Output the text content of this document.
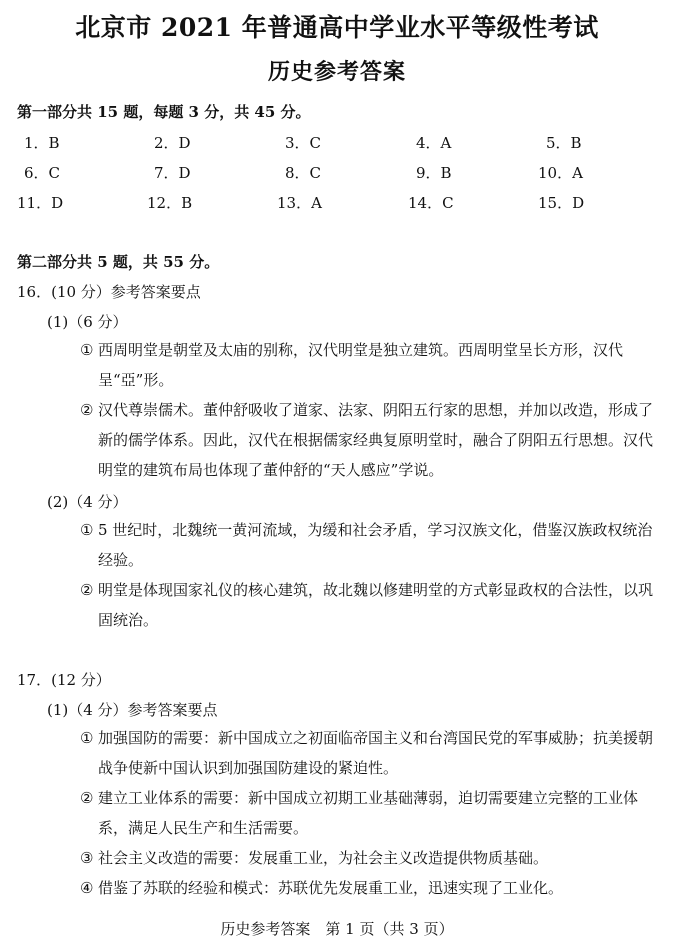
北京市 2021 年普通高中学业水平等级性考试
历史参考答案
第一部分共 15 题，每题 3 分，共 45 分。
1．B	2．D	3．C	4．A	5．B
6．C	7．D	8．C	9．B	10．A
11．D	12．B	13．A	14．C	15．D
第二部分共 5 题，共 55 分。
16．(10 分）参考答案要点
(1)（6 分）
① 西周明堂是朝堂及太庙的别称，汉代明堂是独立建筑。西周明堂呈长方形，汉代呈“亞”形。
② 汉代尊崇儒术。董仲舒吸收了道家、法家、阴阳五行家的思想，并加以改造，形成了新的儒学体系。因此，汉代在根据儒家经典复原明堂时，融合了阴阳五行思想。汉代明堂的建筑布局也体现了董仲舒的“天人感应”学说。
(2)（4 分）
① 5 世纪时，北魏统一黄河流域，为缓和社会矛盾，学习汉族文化，借鉴汉族政权统治经验。
② 明堂是体现国家礼仪的核心建筑，故北魏以修建明堂的方式彰显政权的合法性，以巩固统治。
17．(12 分）
(1)（4 分）参考答案要点
① 加强国防的需要：新中国成立之初面临帝国主义和台湾国民党的军事威胁；抗美援朝战争使新中国认识到加强国防建设的紧迫性。
② 建立工业体系的需要：新中国成立初期工业基础薄弱，迫切需要建立完整的工业体系，满足人民生产和生活需要。
③ 社会主义改造的需要：发展重工业，为社会主义改造提供物质基础。
④ 借鉴了苏联的经验和模式：苏联优先发展重工业，迅速实现了工业化。
历史参考答案　第 1 页（共 3 页）
